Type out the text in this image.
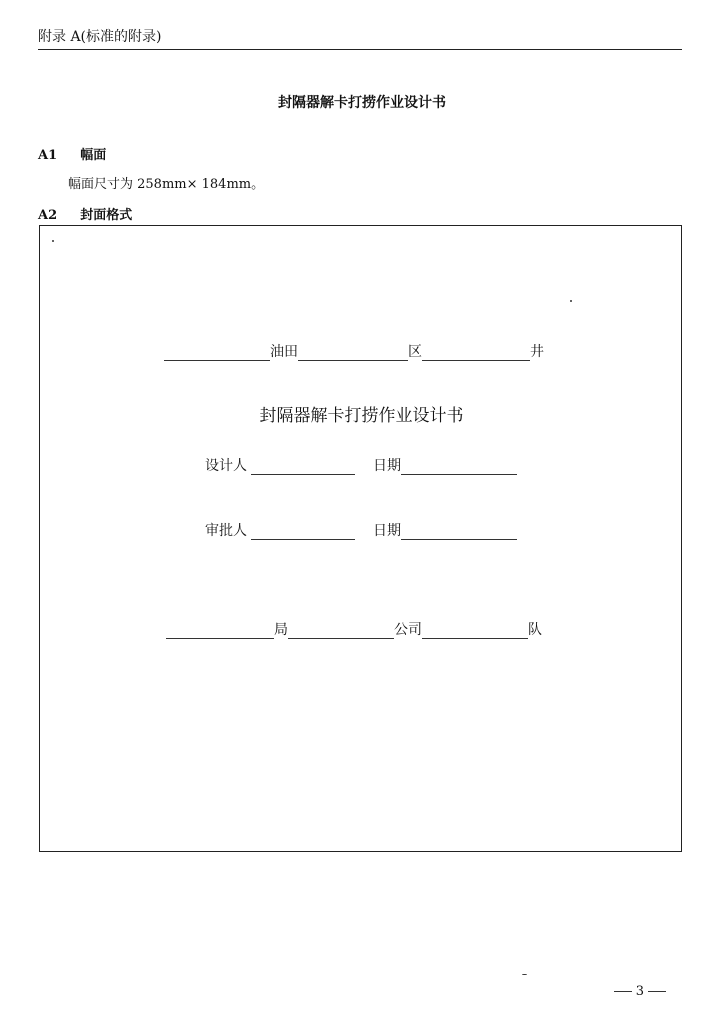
附录 A(标准的附录)
封隔器解卡打捞作业设计书
A1 幅面
幅面尺寸为 258mm× 184mm。
A2 封面格式
油田	区	井
封隔器解卡打捞作业设计书
设计人	日期
审批人	日期
局	公司	队
3
